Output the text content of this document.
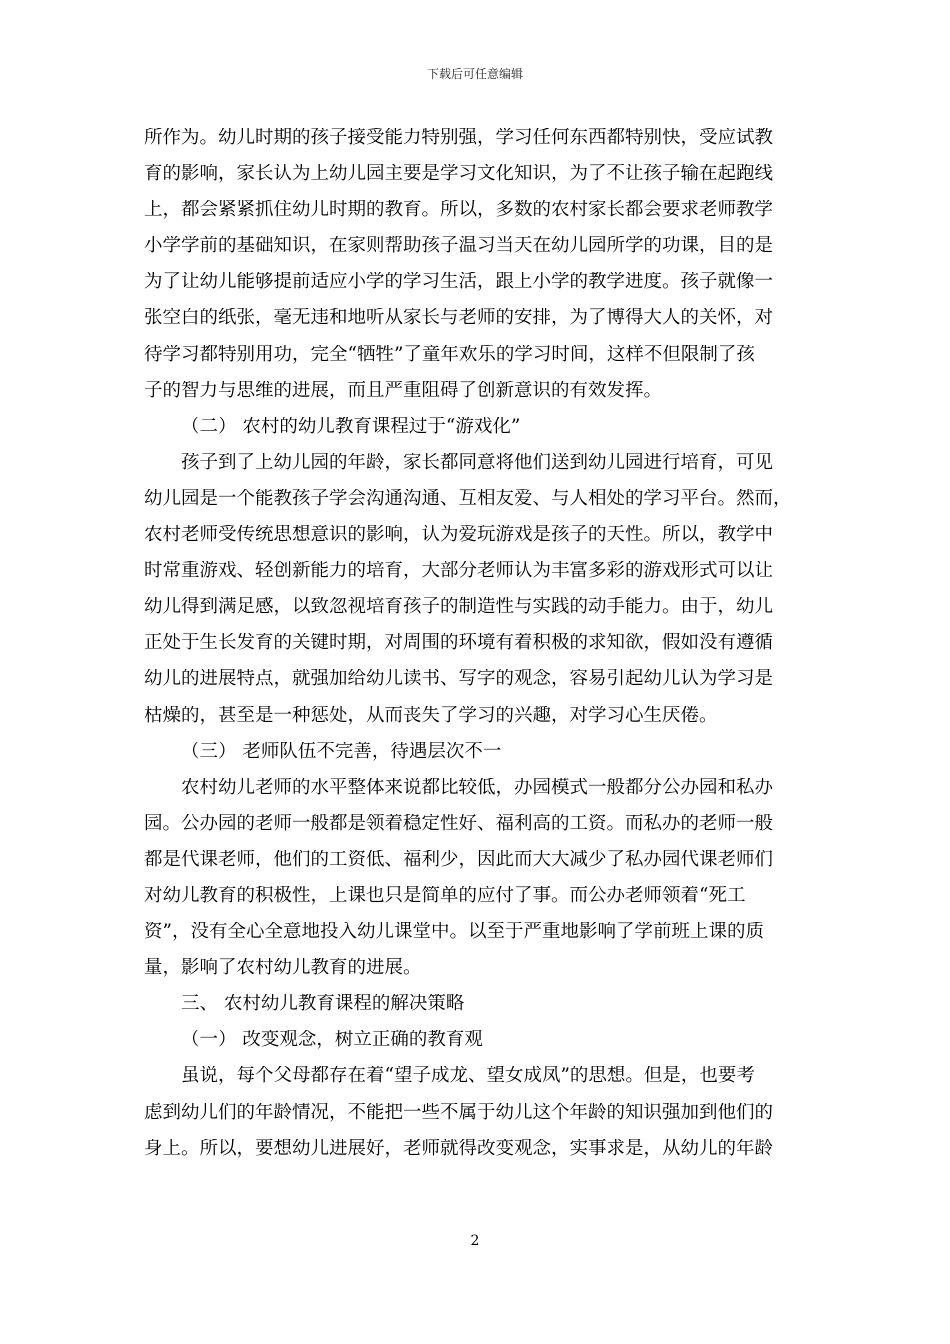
下载后可任意编辑
所作为。幼儿时期的孩子接受能力特别强，学习任何东西都特别快，受应试教
育的影响，家长认为上幼儿园主要是学习文化知识，为了不让孩子输在起跑线
上，都会紧紧抓住幼儿时期的教育。所以，多数的农村家长都会要求老师教学
小学学前的基础知识，在家则帮助孩子温习当天在幼儿园所学的功课，目的是
为了让幼儿能够提前适应小学的学习生活，跟上小学的教学进度。孩子就像一
张空白的纸张，毫无违和地听从家长与老师的安排，为了博得大人的关怀，对
待学习都特别用功，完全“牺牲”了童年欢乐的学习时间，这样不但限制了孩
子的智力与思维的进展，而且严重阻碍了创新意识的有效发挥。
（二） 农村的幼儿教育课程过于“游戏化”
孩子到了上幼儿园的年龄，家长都同意将他们送到幼儿园进行培育，可见
幼儿园是一个能教孩子学会沟通沟通、互相友爱、与人相处的学习平台。然而，
农村老师受传统思想意识的影响，认为爱玩游戏是孩子的天性。所以，教学中
时常重游戏、轻创新能力的培育，大部分老师认为丰富多彩的游戏形式可以让
幼儿得到满足感，以致忽视培育孩子的制造性与实践的动手能力。由于，幼儿
正处于生长发育的关键时期，对周围的环境有着积极的求知欲，假如没有遵循
幼儿的进展特点，就强加给幼儿读书、写字的观念，容易引起幼儿认为学习是
枯燥的，甚至是一种惩处，从而丧失了学习的兴趣，对学习心生厌倦。
（三） 老师队伍不完善，待遇层次不一
农村幼儿老师的水平整体来说都比较低，办园模式一般都分公办园和私办
园。公办园的老师一般都是领着稳定性好、福利高的工资。而私办的老师一般
都是代课老师，他们的工资低、福利少，因此而大大减少了私办园代课老师们
对幼儿教育的积极性，上课也只是简单的应付了事。而公办老师领着“死工
资”，没有全心全意地投入幼儿课堂中。以至于严重地影响了学前班上课的质
量，影响了农村幼儿教育的进展。
三、 农村幼儿教育课程的解决策略
（一） 改变观念，树立正确的教育观
虽说，每个父母都存在着“望子成龙、望女成凤”的思想。但是，也要考
虑到幼儿们的年龄情况，不能把一些不属于幼儿这个年龄的知识强加到他们的
身上。所以，要想幼儿进展好，老师就得改变观念，实事求是，从幼儿的年龄
2
